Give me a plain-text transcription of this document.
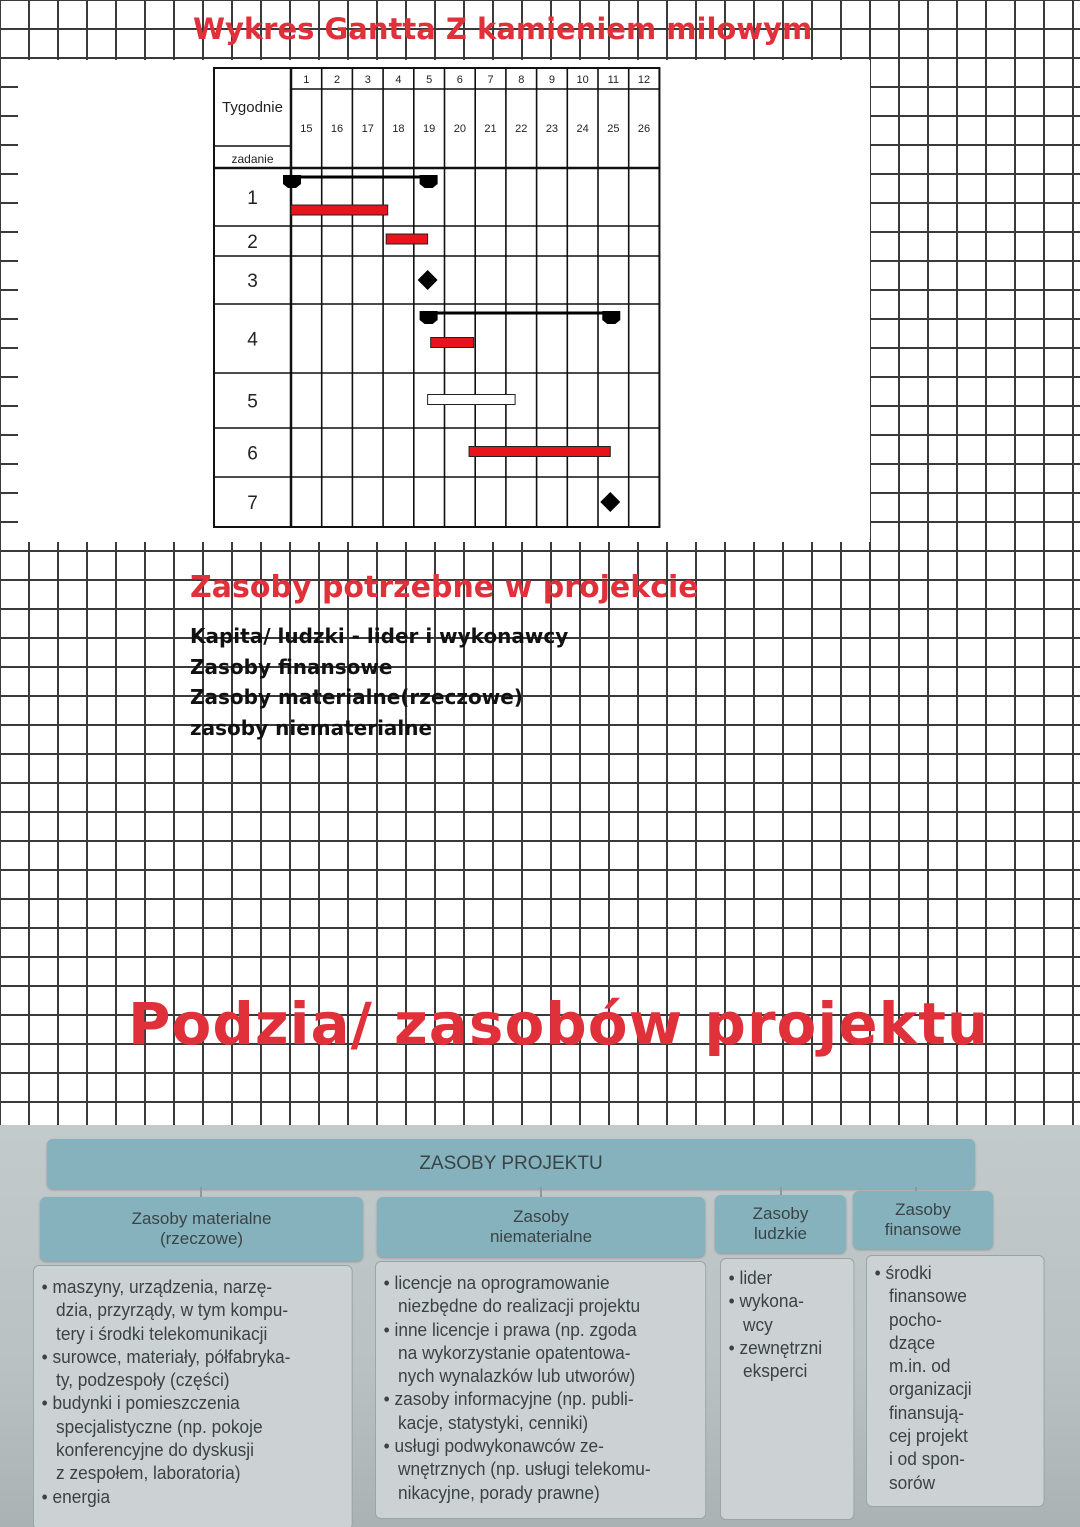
Wykres Gantta Z kamieniem milowym
Tygodnie
zadanie
1 2 3 4 5 6 7 8 9 10 11 12
15 16 17 18 19 20 21 22 23 24 25 26
1
2
3
4
5
6
7
Zasoby potrzebne w projekcie
Kapita/ ludzki - lider i wykonawcy
Zasoby finansowe
Zasoby materialne(rzeczowe)
zasoby niematerialne
Podzia/ zasobów projektu
ZASOBY PROJEKTU
Zasoby materialne
(rzeczowe)
Zasoby
niematerialne
Zasoby
ludzkie
Zasoby
finansowe
• maszyny, urządzenia, narzę-
dzia, przyrządy, w tym kompu-
tery i środki telekomunikacji
• surowce, materiały, półfabryka-
ty, podzespoły (części)
• budynki i pomieszczenia
specjalistyczne (np. pokoje
konferencyjne do dyskusji
z zespołem, laboratoria)
• energia
• licencje na oprogramowanie
niezbędne do realizacji projektu
• inne licencje i prawa (np. zgoda
na wykorzystanie opatentowa-
nych wynalazków lub utworów)
• zasoby informacyjne (np. publi-
kacje, statystyki, cenniki)
• usługi podwykonawców ze-
wnętrznych (np. usługi telekomu-
nikacyjne, porady prawne)
• lider
• wykona-
wcy
• zewnętrzni
eksperci
• środki
finansowe
pocho-
dzące
m.in. od
organizacji
finansują-
cej projekt
i od spon-
sorów
